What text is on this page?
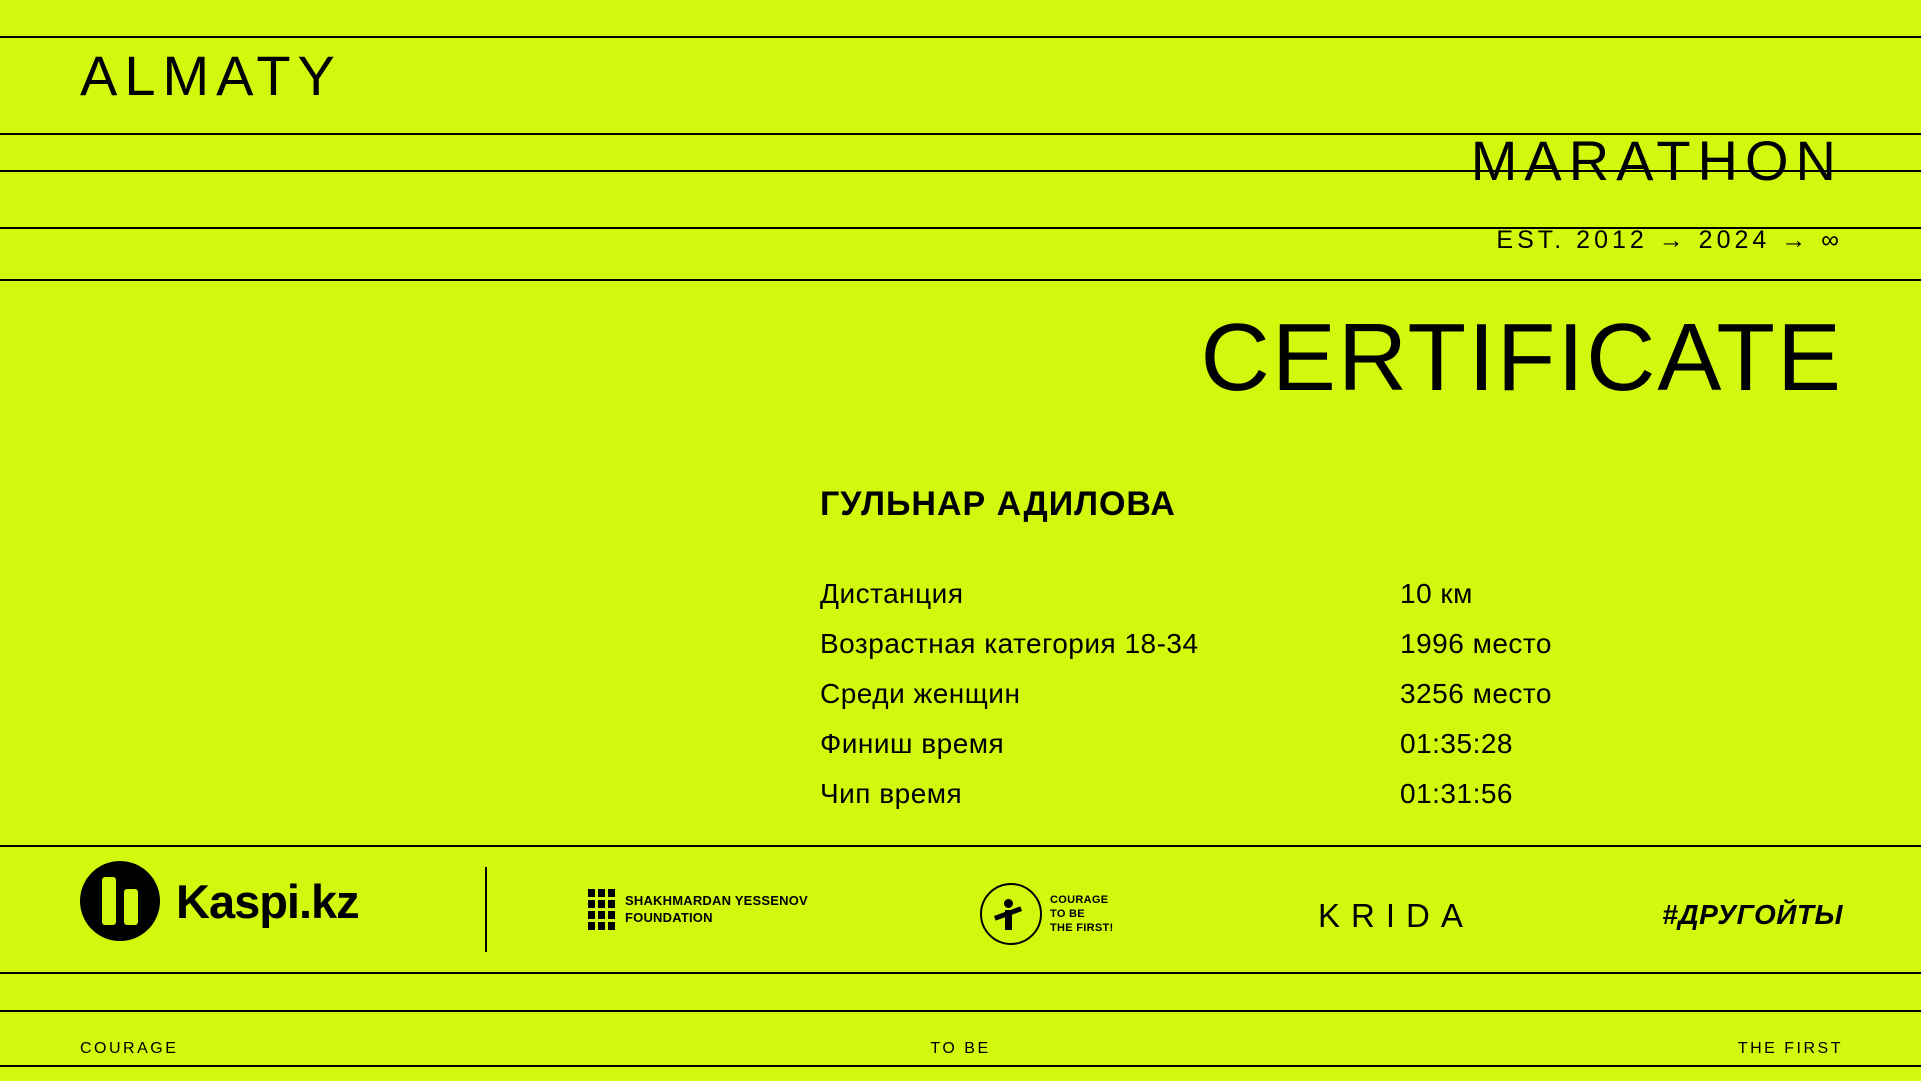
ALMATY
MARATHON
EST. 2012 → 2024 → ∞
CERTIFICATE
ГУЛЬНАР АДИЛОВА
Дистанция	10 км
Возрастная категория 18-34	1996 место
Среди женщин	3256 место
Финиш время	01:35:28
Чип время	01:31:56
Kaspi.kz	SHAKHMARDAN YESSENOV
FOUNDATION
COURAGE
TO BE
THE FIRST!	KRIDA	#ДРУГОЙТЫ
COURAGE	TO BE	THE FIRST
